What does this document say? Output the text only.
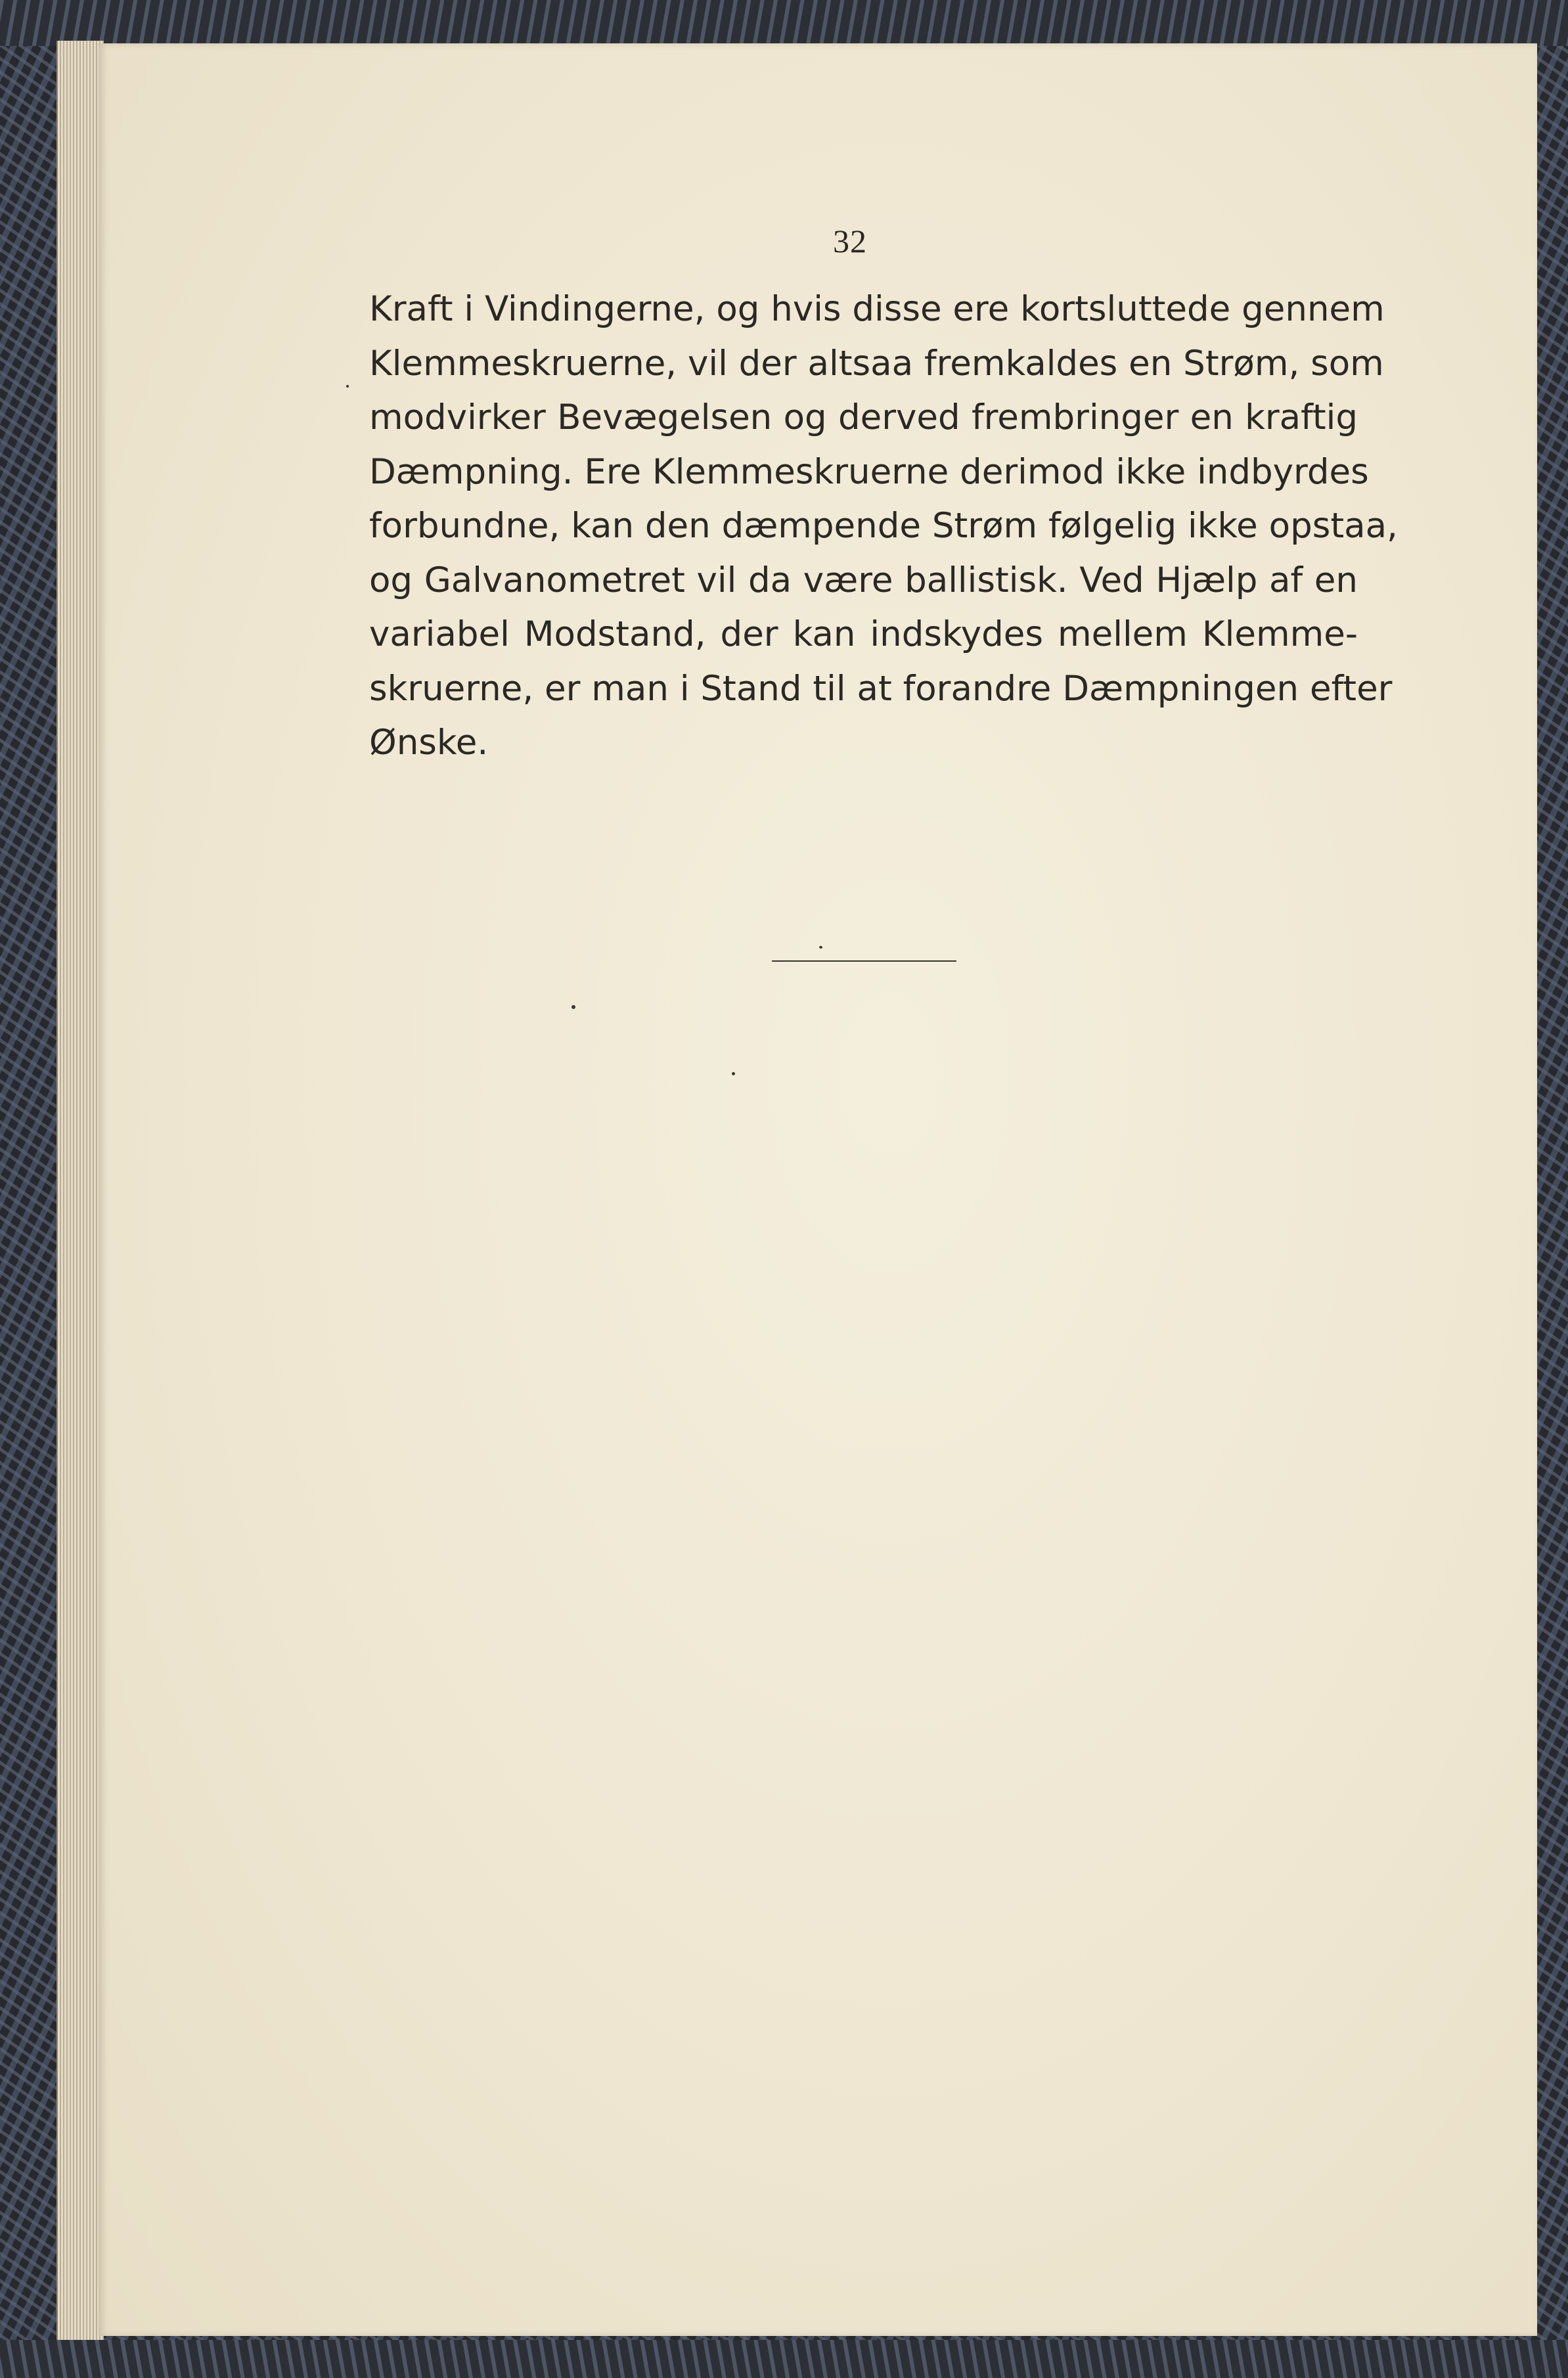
32
Kraft i Vindingerne, og hvis disse ere kortsluttede gennem
Klemmeskruerne, vil der altsaa fremkaldes en Strøm, som
modvirker Bevægelsen og derved frembringer en kraftig
Dæmpning. Ere Klemmeskruerne derimod ikke indbyrdes
forbundne, kan den dæmpende Strøm følgelig ikke opstaa,
og Galvanometret vil da være ballistisk. Ved Hjælp af en
variabel Modstand, der kan indskydes mellem Klemme-
skruerne, er man i Stand til at forandre Dæmpningen efter
Ønske.
